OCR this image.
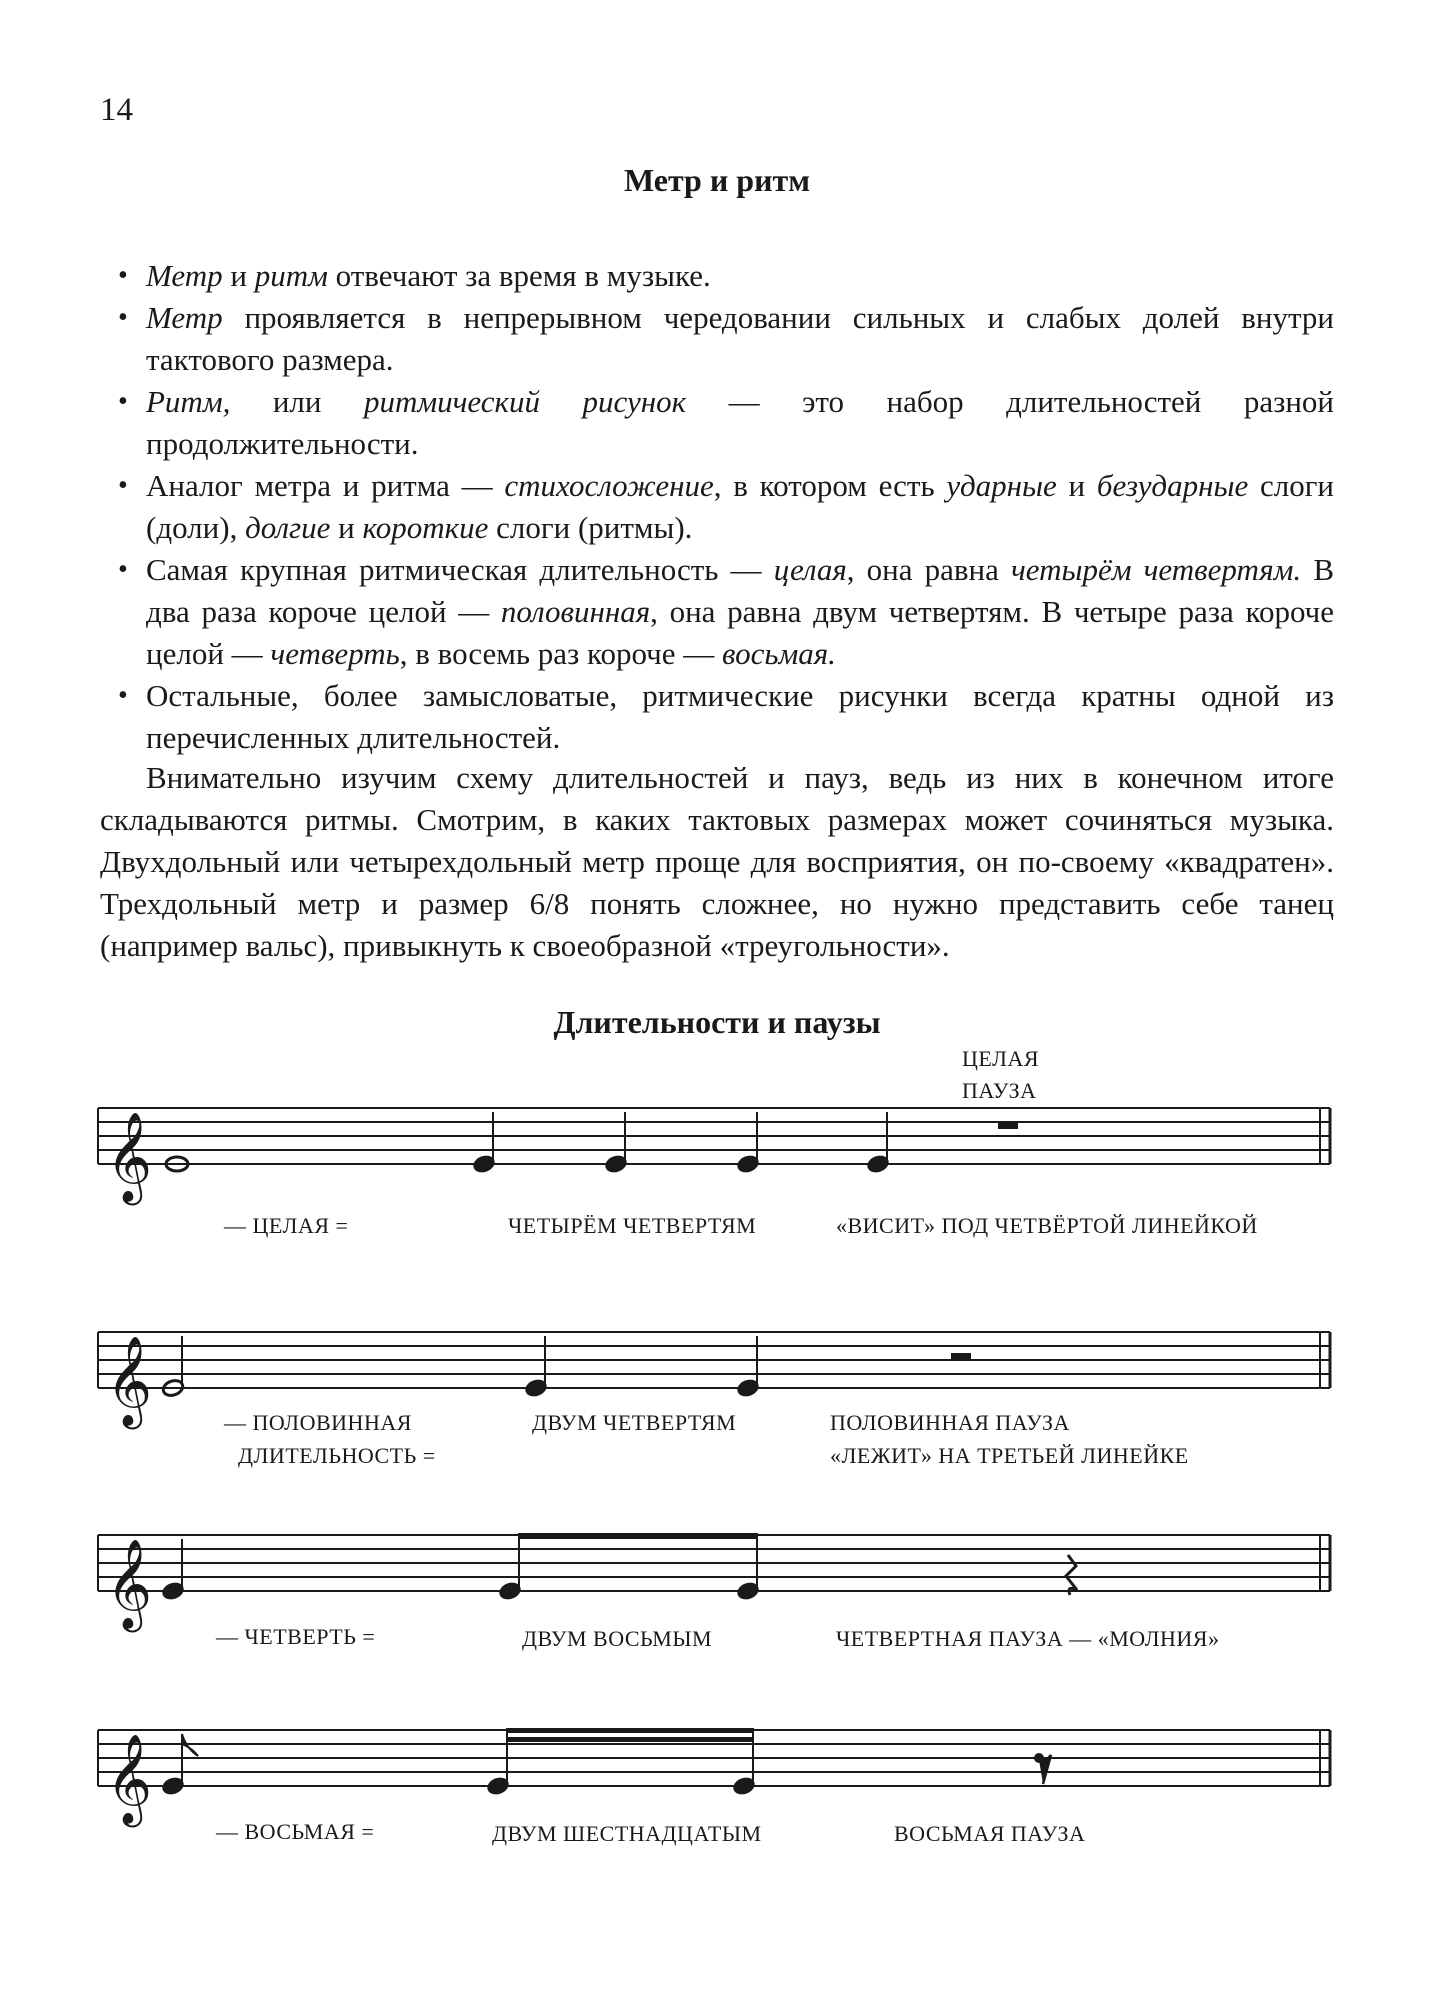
14
Метр и ритм
• Метр и ритм отвечают за время в музыке.
• Метр проявляется в непрерывном чередовании сильных и слабых долей внутри тактового размера.
• Ритм, или ритмический рисунок — это набор длительностей разной продолжительности.
• Аналог метра и ритма — стихосложение, в котором есть ударные и безударные слоги (доли), долгие и короткие слоги (ритмы).
• Самая крупная ритмическая длительность — целая, она равна четырём четвертям. В два раза короче целой — половинная, она равна двум четвертям. В четыре раза короче целой — четверть, в восемь раз короче — восьмая.
• Остальные, более замысловатые, ритмические рисунки всегда кратны одной из перечисленных длительностей.

Внимательно изучим схему длительностей и пауз, ведь из них в конечном итоге складываются ритмы. Смотрим, в каких тактовых размерах может сочиняться музыка. Двухдольный или четырехдольный метр проще для восприятия, он по-своему «квадратен». Трехдольный метр и размер 6/8 понять сложнее, но нужно представить себе танец (например вальс), привыкнуть к своеобразной «треугольности».

Длительности и паузы
ЦЕЛАЯ
ПАУЗА
𝄞
𝄞
𝄞
𝄞
— ЦЕЛАЯ =	ЧЕТЫРЁМ ЧЕТВЕРТЯМ	«ВИСИТ» ПОД ЧЕТВЁРТОЙ ЛИНЕЙКОЙ
— ПОЛОВИННАЯ
ДЛИТЕЛЬНОСТЬ =
ДВУМ ЧЕТВЕРТЯМ	ПОЛОВИННАЯ ПАУЗА
«ЛЕЖИТ» НА ТРЕТЬЕЙ ЛИНЕЙКЕ
— ЧЕТВЕРТЬ =	ДВУМ ВОСЬМЫМ	ЧЕТВЕРТНАЯ ПАУЗА — «МОЛНИЯ»
— ВОСЬМАЯ =	ДВУМ ШЕСТНАДЦАТЫМ	ВОСЬМАЯ ПАУЗА
